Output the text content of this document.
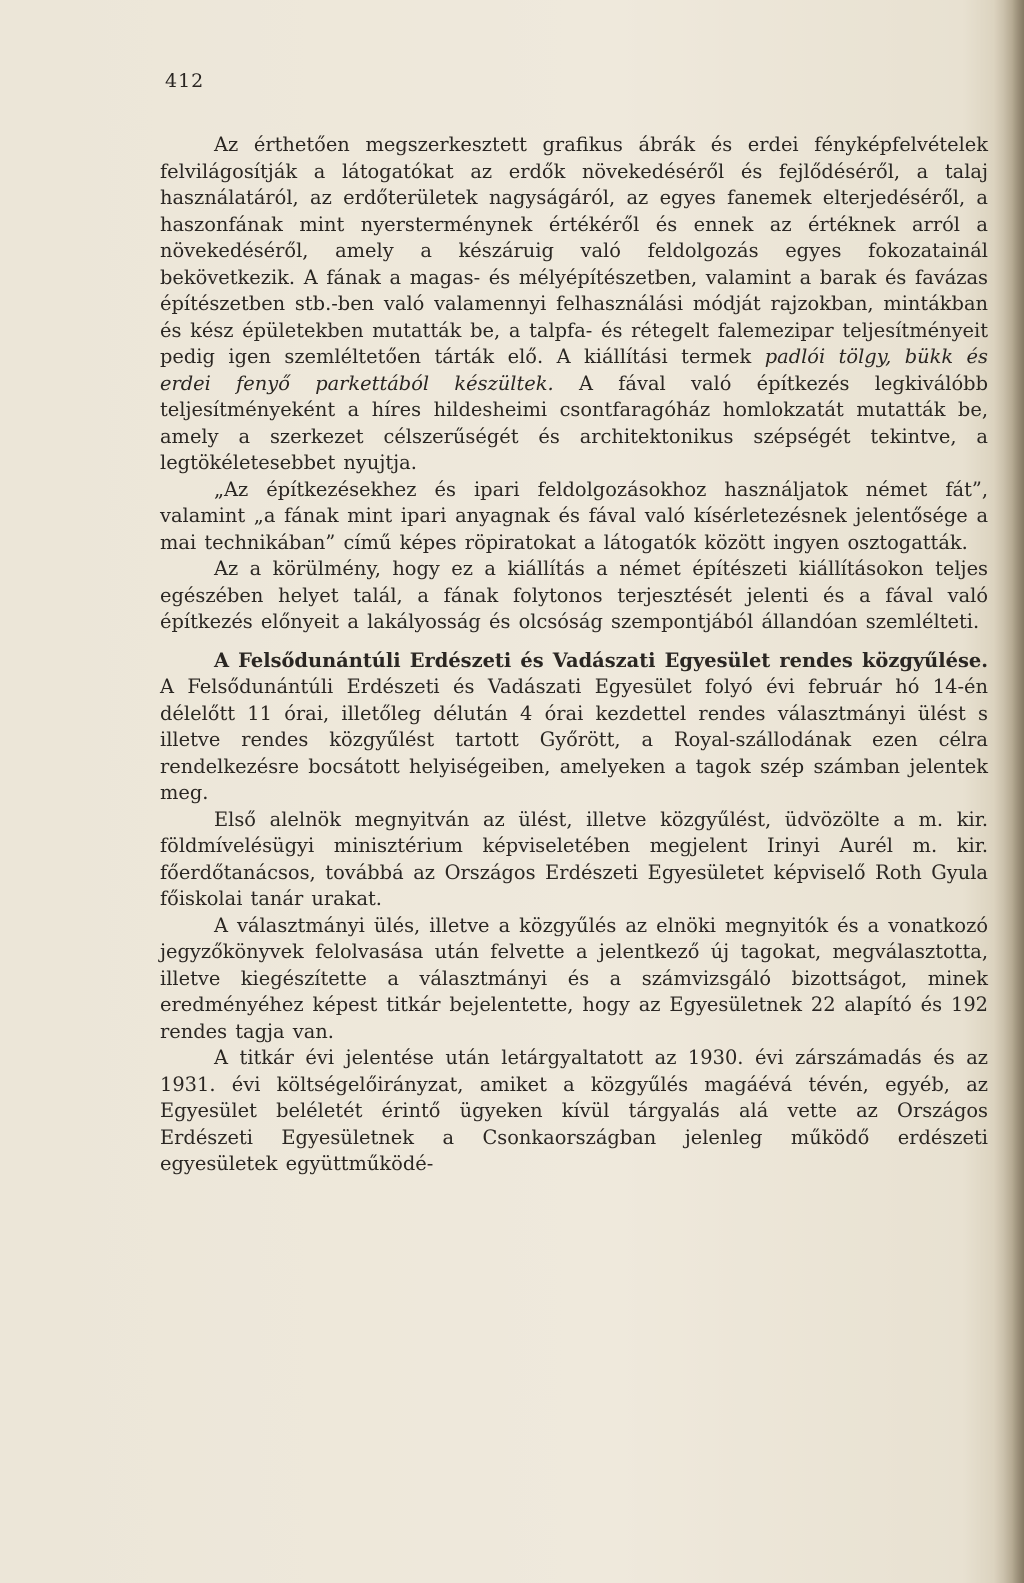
412

Az érthetően megszerkesztett grafikus ábrák és erdei fényképfelvételek felvilágosítják a látogatókat az erdők növekedéséről és fejlődéséről, a talaj használatáról, az erdőterületek nagyságáról, az egyes fanemek elterjedéséről, a haszonfának mint nyersterménynek értékéről és ennek az értéknek arról a növekedéséről, amely a készáruig való feldolgozás egyes fokozatainál bekövetkezik. A fának a magas- és mélyépítészetben, valamint a barak és favázas építészetben stb.-ben való valamennyi felhasználási módját rajzokban, mintákban és kész épületekben mutatták be, a talpfa- és rétegelt falemezipar teljesítményeit pedig igen szemléltetően tárták elő. A kiállítási termek padlói tölgy, bükk és erdei fenyő parkettából készültek. A fával való építkezés legkiválóbb teljesítményeként a híres hildesheimi csontfaragóház homlokzatát mutatták be, amely a szerkezet célszerűségét és architektonikus szépségét tekintve, a legtökéletesebbet nyujtja.

„Az építkezésekhez és ipari feldolgozásokhoz használjatok német fát”, valamint „a fának mint ipari anyagnak és fával való kísérletezésnek jelentősége a mai technikában” című képes röpiratokat a látogatók között ingyen osztogatták.

Az a körülmény, hogy ez a kiállítás a német építészeti kiállításokon teljes egészében helyet talál, a fának folytonos terjesztését jelenti és a fával való építkezés előnyeit a lakályosság és olcsóság szempontjából állandóan szemlélteti.

A Felsődunántúli Erdészeti és Vadászati Egyesület rendes közgyűlése. A Felsődunántúli Erdészeti és Vadászati Egyesület folyó évi február hó 14-én délelőtt 11 órai, illetőleg délután 4 órai kezdettel rendes választmányi ülést s illetve rendes közgyűlést tartott Győrött, a Royal-szállodának ezen célra rendelkezésre bocsátott helyiségeiben, amelyeken a tagok szép számban jelentek meg.

Első alelnök megnyitván az ülést, illetve közgyűlést, üdvözölte a m. kir. földmívelésügyi minisztérium képviseletében megjelent Irinyi Aurél m. kir. főerdőtanácsos, továbbá az Országos Erdészeti Egyesületet képviselő Roth Gyula főiskolai tanár urakat.

A választmányi ülés, illetve a közgyűlés az elnöki megnyitók és a vonatkozó jegyzőkönyvek felolvasása után felvette a jelentkező új tagokat, megválasztotta, illetve kiegészítette a választmányi és a számvizsgáló bizottságot, minek eredményéhez képest titkár bejelentette, hogy az Egyesületnek 22 alapító és 192 rendes tagja van.

A titkár évi jelentése után letárgyaltatott az 1930. évi zárszámadás és az 1931. évi költségelőirányzat, amiket a közgyűlés magáévá tévén, egyéb, az Egyesület beléletét érintő ügyeken kívül tárgyalás alá vette az Országos Erdészeti Egyesületnek a Csonkaországban jelenleg működő erdészeti egyesületek együttműködé-
